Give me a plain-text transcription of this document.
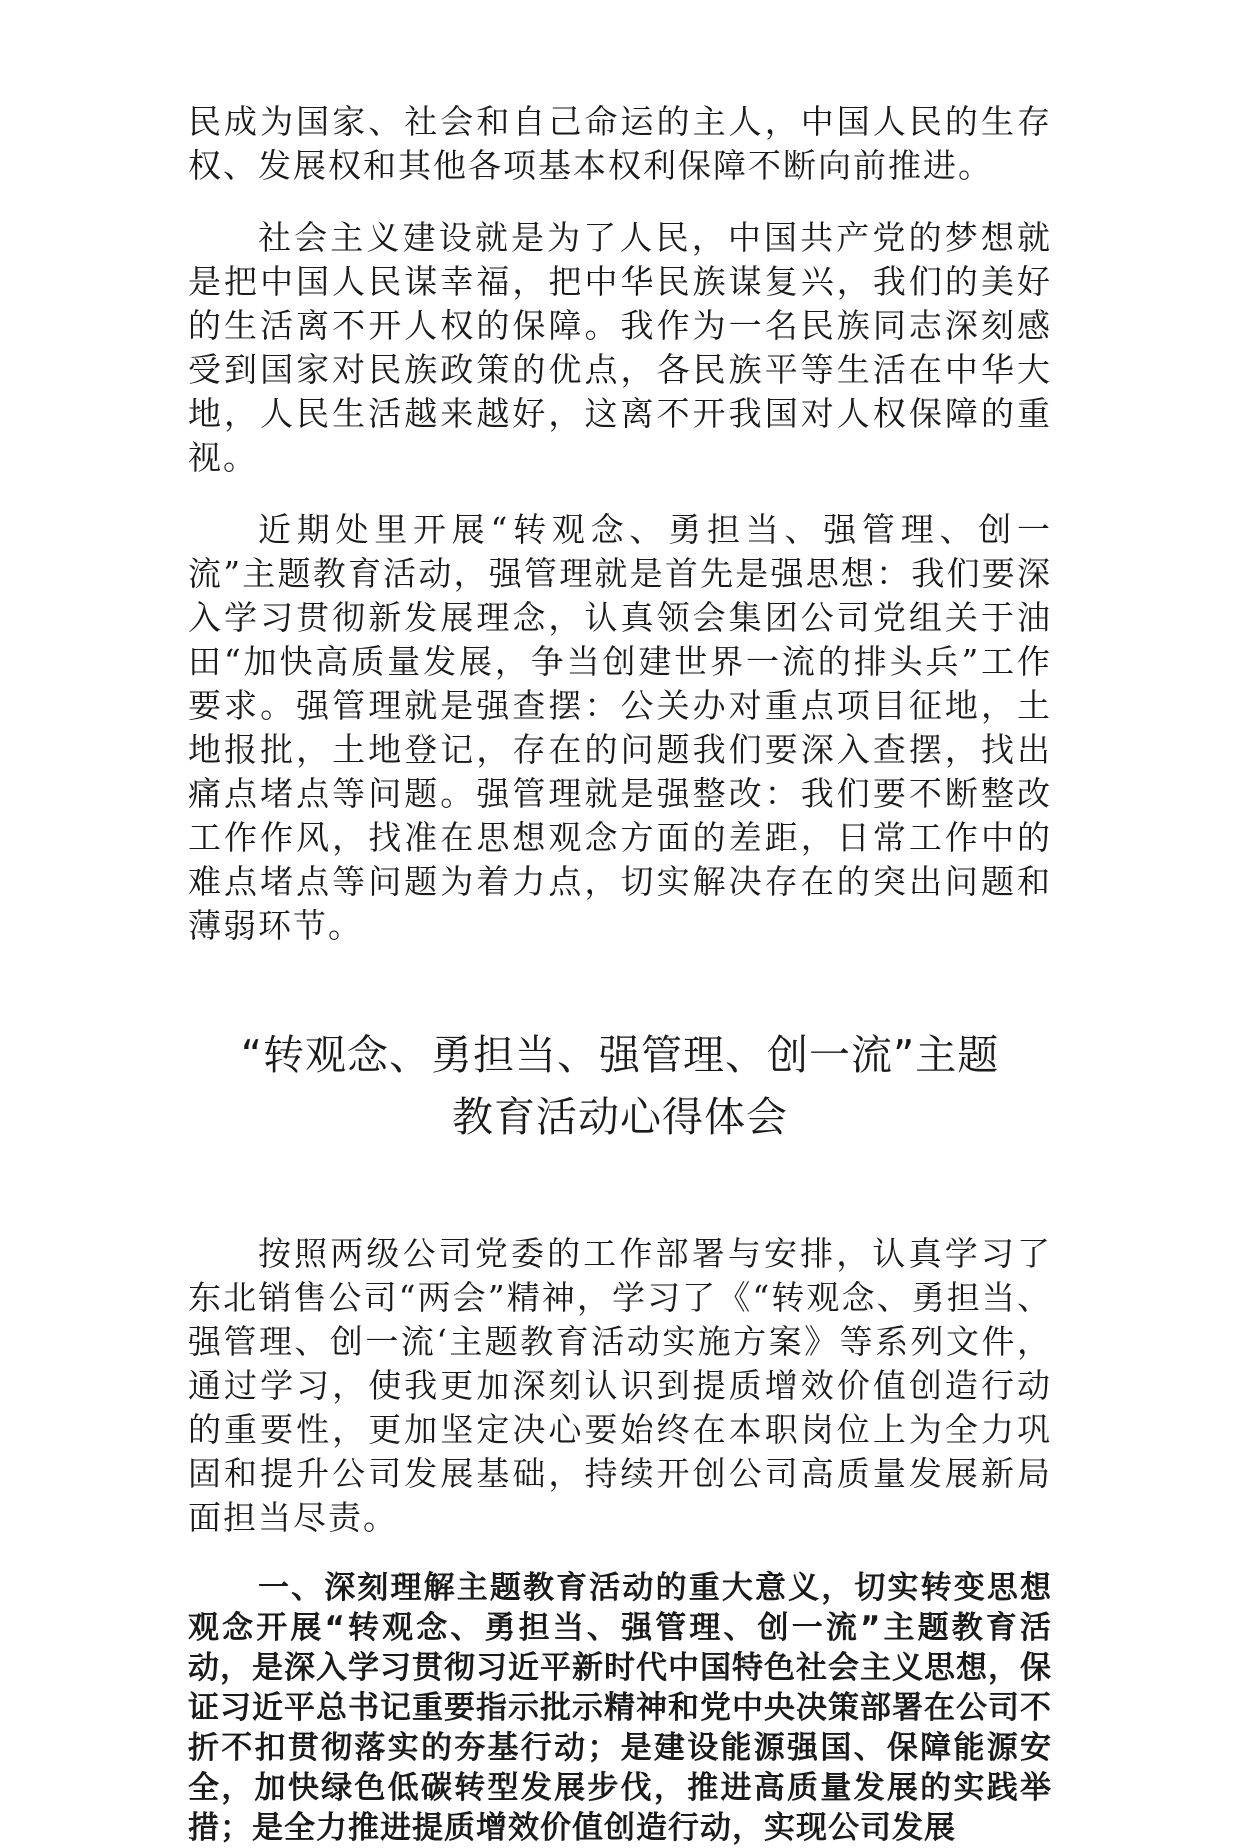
民成为国家、社会和自己命运的主人，中国人民的生存权、发展权和其他各项基本权利保障不断向前推进。

社会主义建设就是为了人民，中国共产党的梦想就是把中国人民谋幸福，把中华民族谋复兴，我们的美好的生活离不开人权的保障。我作为一名民族同志深刻感受到国家对民族政策的优点，各民族平等生活在中华大地，人民生活越来越好，这离不开我国对人权保障的重视。

近期处里开展“转观念、勇担当、强管理、创一流”主题教育活动，强管理就是首先是强思想：我们要深入学习贯彻新发展理念，认真领会集团公司党组关于油田“加快高质量发展，争当创建世界一流的排头兵”工作要求。强管理就是强查摆：公关办对重点项目征地，土地报批，土地登记，存在的问题我们要深入查摆，找出痛点堵点等问题。强管理就是强整改：我们要不断整改工作作风，找准在思想观念方面的差距，日常工作中的难点堵点等问题为着力点，切实解决存在的突出问题和薄弱环节。

“转观念、勇担当、强管理、创一流”主题
教育活动心得体会

按照两级公司党委的工作部署与安排，认真学习了东北销售公司“两会”精神，学习了《“转观念、勇担当、强管理、创一流‘主题教育活动实施方案》等系列文件，通过学习，使我更加深刻认识到提质增效价值创造行动的重要性，更加坚定决心要始终在本职岗位上为全力巩固和提升公司发展基础，持续开创公司高质量发展新局面担当尽责。

一、深刻理解主题教育活动的重大意义，切实转变思想观念开展“转观念、勇担当、强管理、创一流”主题教育活动，是深入学习贯彻习近平新时代中国特色社会主义思想，保证习近平总书记重要指示批示精神和党中央决策部署在公司不折不扣贯彻落实的夯基行动；是建设能源强国、保障能源安全，加快绿色低碳转型发展步伐，推进高质量发展的实践举措；是全力推进提质增效价值创造行动，实现公司发展
